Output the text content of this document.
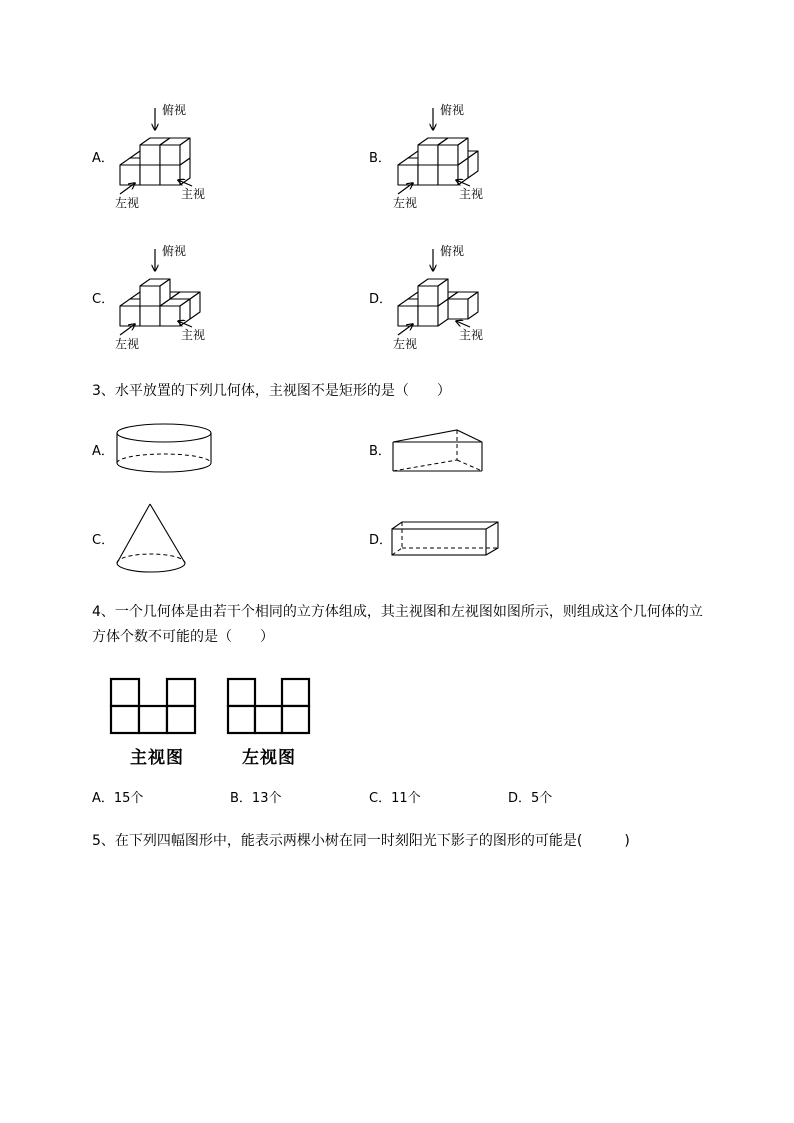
A．	B．
C．	D．
俯视
左视
主视
俯视
左视
主视
俯视
左视
主视
俯视
左视
主视
3、水平放置的下列几何体，主视图不是矩形的是（　　）
A．	B．
C．	D．
4、一个几何体是由若干个相同的立方体组成，其主视图和左视图如图所示，则组成这个几何体的立
方体个数不可能的是（　　）
主视图	左视图
A．15个	B．13个	C．11个	D．5个
5、在下列四幅图形中，能表示两棵小树在同一时刻阳光下影子的图形的可能是(　　　)
